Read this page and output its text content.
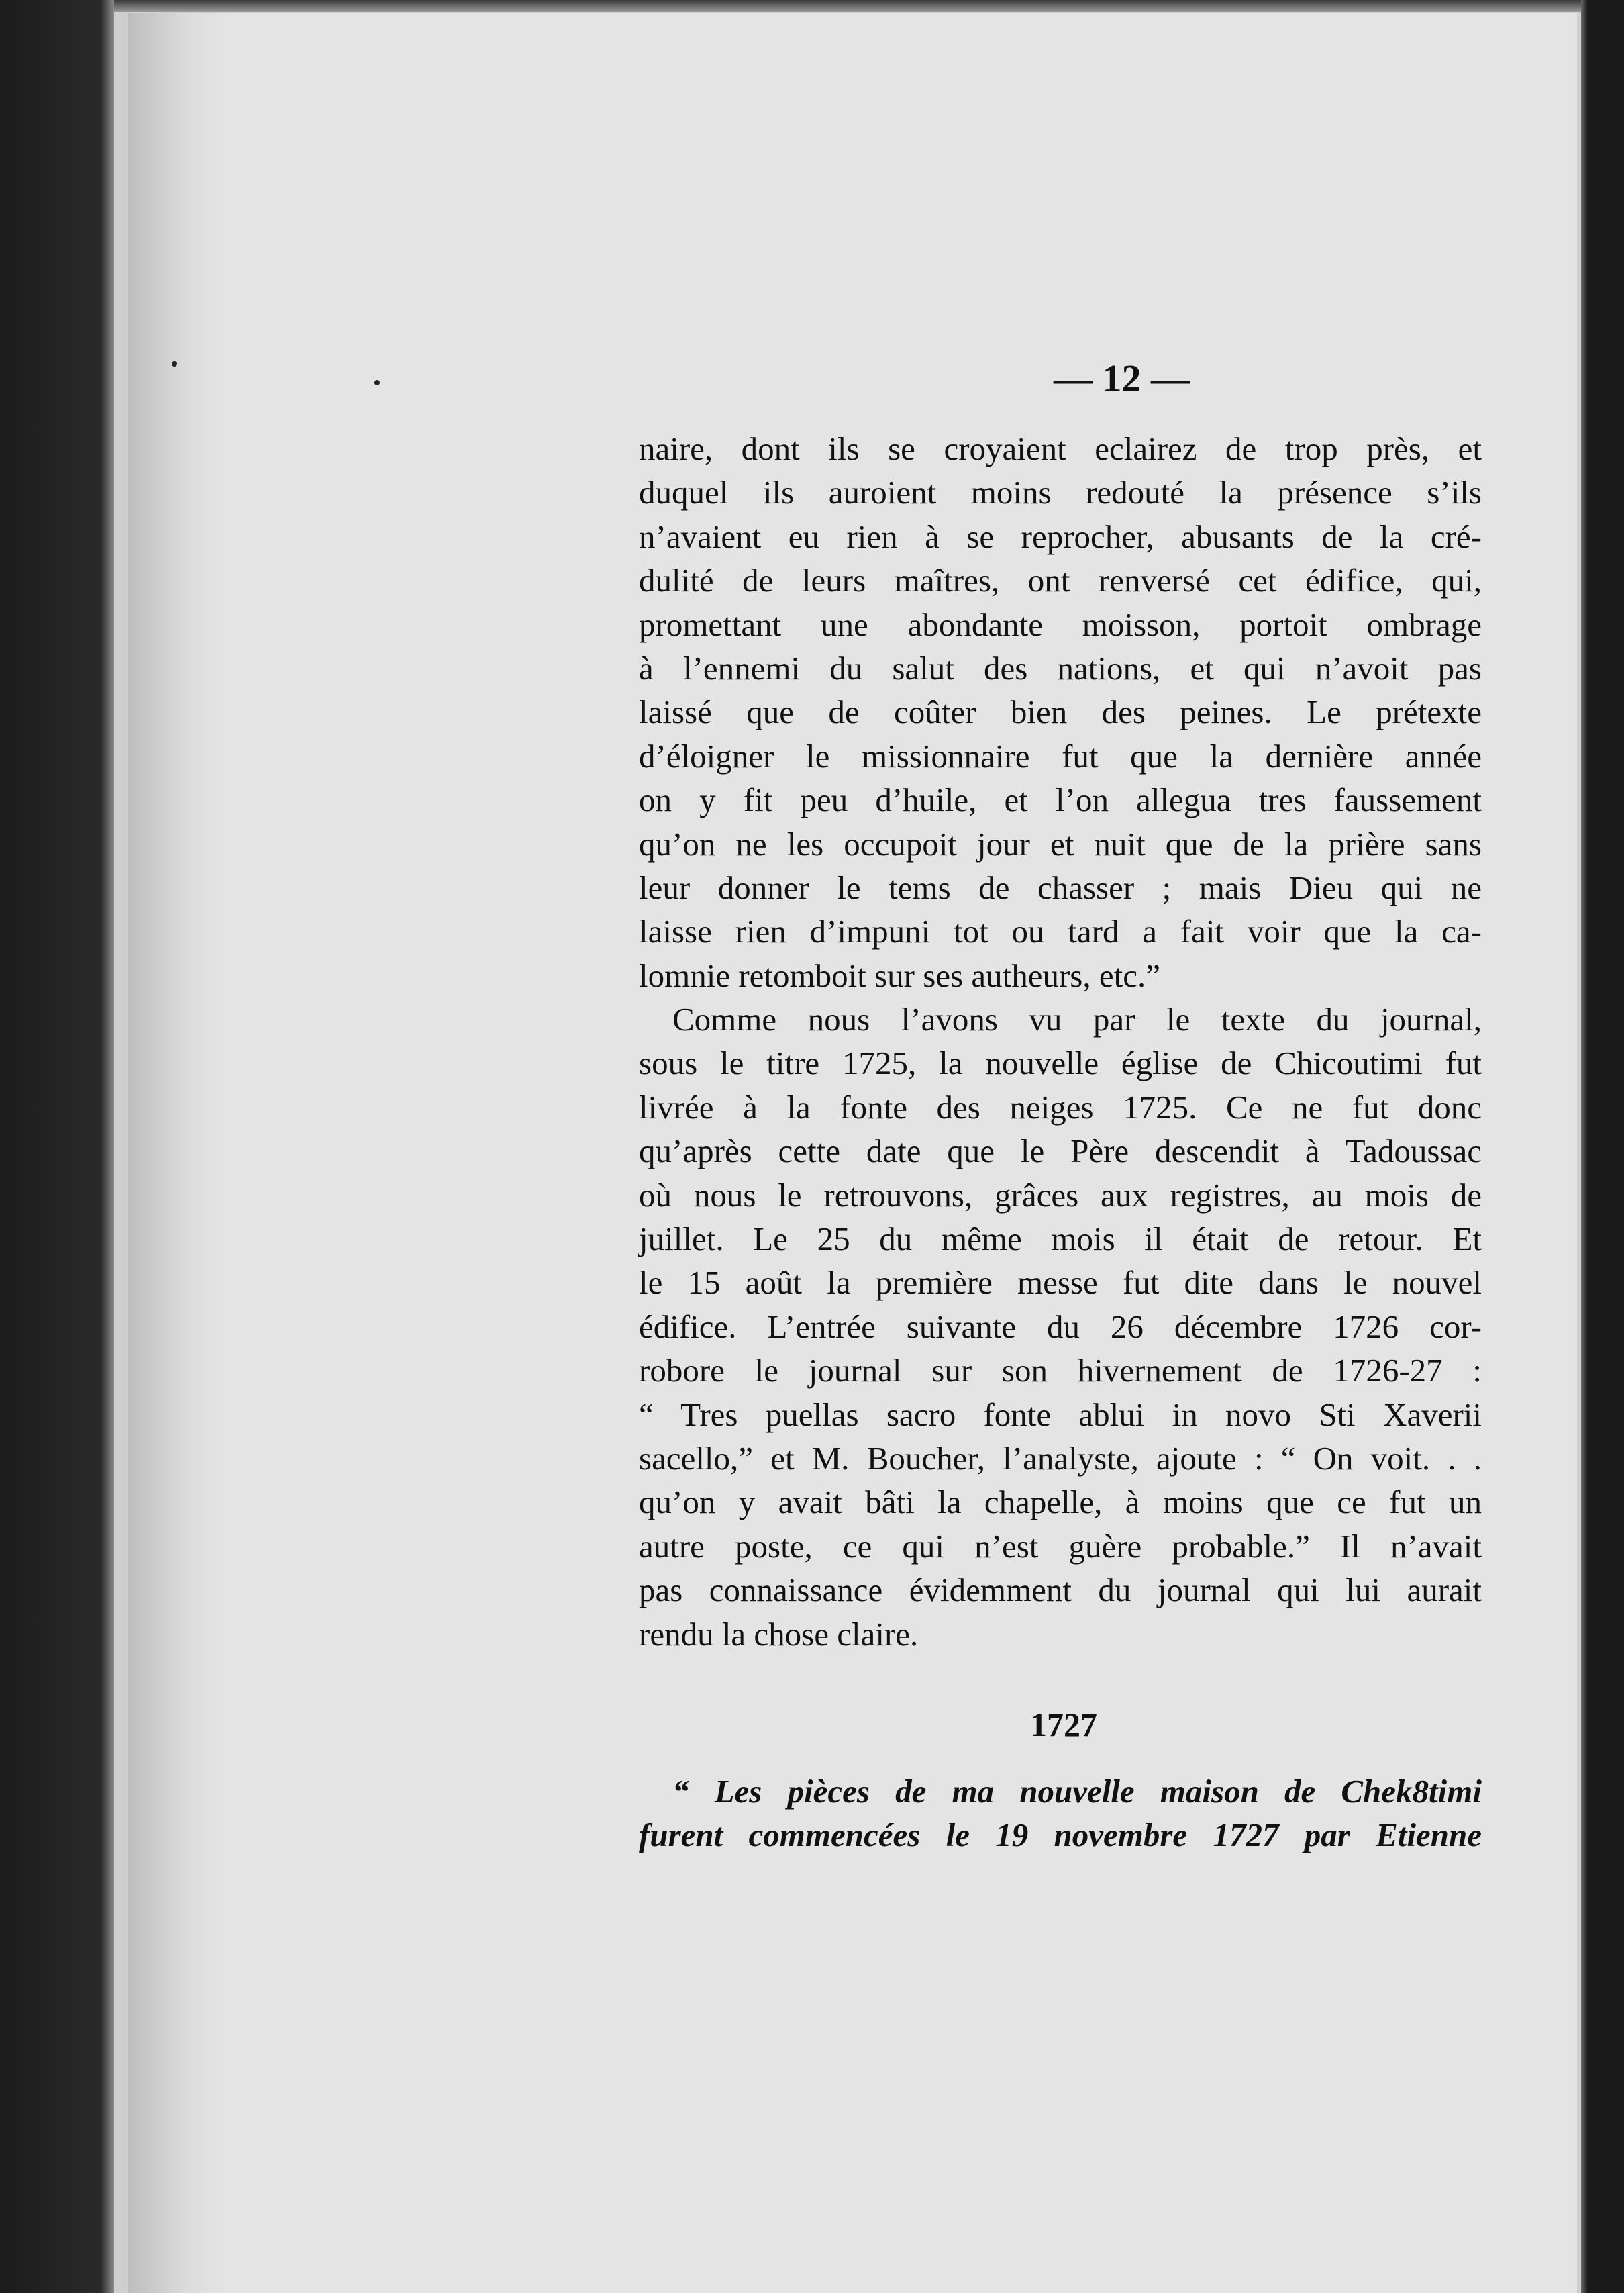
— 12 —
naire, dont ils se croyaient eclairez de trop près, et
duquel ils auroient moins redouté la présence s’ils
n’avaient eu rien à se reprocher, abusants de la cré-
dulité de leurs maîtres, ont renversé cet édifice, qui,
promettant une abondante moisson, portoit ombrage
à l’ennemi du salut des nations, et qui n’avoit pas
laissé que de coûter bien des peines. Le prétexte
d’éloigner le missionnaire fut que la dernière année
on y fit peu d’huile, et l’on allegua tres faussement
qu’on ne les occupoit jour et nuit que de la prière sans
leur donner le tems de chasser ; mais Dieu qui ne
laisse rien d’impuni tot ou tard a fait voir que la ca-
lomnie retomboit sur ses autheurs, etc.”
Comme nous l’avons vu par le texte du journal,
sous le titre 1725, la nouvelle église de Chicoutimi fut
livrée à la fonte des neiges 1725. Ce ne fut donc
qu’après cette date que le Père descendit à Tadoussac
où nous le retrouvons, grâces aux registres, au mois de
juillet. Le 25 du même mois il était de retour. Et
le 15 août la première messe fut dite dans le nouvel
édifice. L’entrée suivante du 26 décembre 1726 cor-
robore le journal sur son hivernement de 1726-27 :
“ Tres puellas sacro fonte ablui in novo Sti Xaverii
sacello,” et M. Boucher, l’analyste, ajoute : “ On voit. . .
qu’on y avait bâti la chapelle, à moins que ce fut un
autre poste, ce qui n’est guère probable.” Il n’avait
pas connaissance évidemment du journal qui lui aurait
rendu la chose claire.
1727
“ Les pièces de ma nouvelle maison de Chek8timi
furent commencées le 19 novembre 1727 par Etienne
